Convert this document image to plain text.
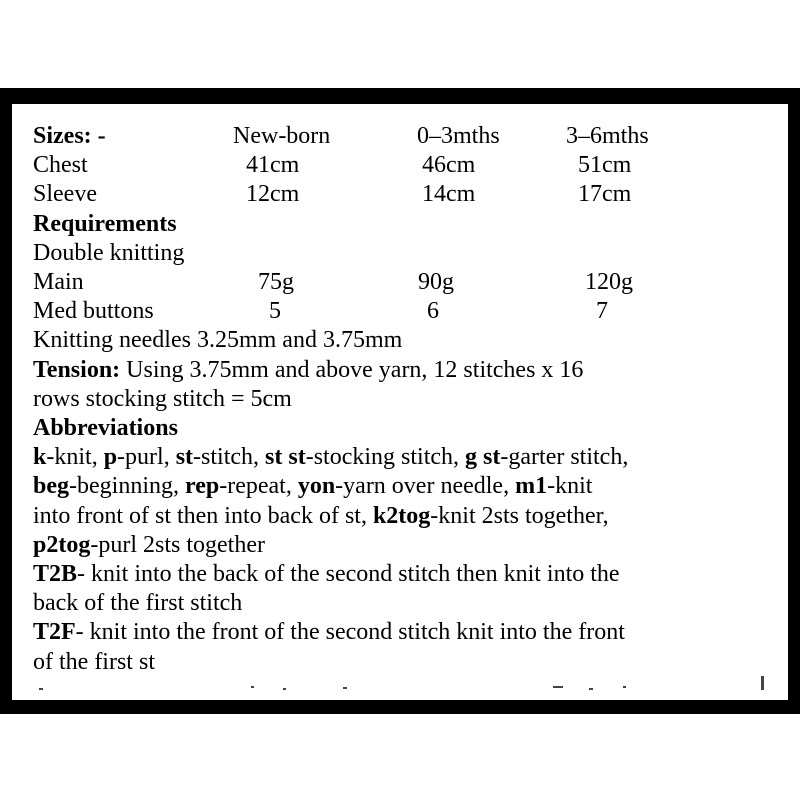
Sizes: -	New-born	0–3mths	3–6mths
Chest	41cm	46cm	51cm
Sleeve	12cm	14cm	17cm
Requirements
Double knitting
Main	75g	90g	120g
Med buttons	5	6	7
Knitting needles 3.25mm and 3.75mm
Tension: Using 3.75mm and above yarn, 12 stitches x 16
rows stocking stitch = 5cm
Abbreviations
k-knit, p-purl, st-stitch, st st-stocking stitch, g st-garter stitch,
beg-beginning, rep-repeat, yon-yarn over needle, m1-knit
into front of st then into back of st, k2tog-knit 2sts together,
p2tog-purl 2sts together
T2B- knit into the back of the second stitch then knit into the
back of the first stitch
T2F- knit into the front of the second stitch knit into the front
of the first st
